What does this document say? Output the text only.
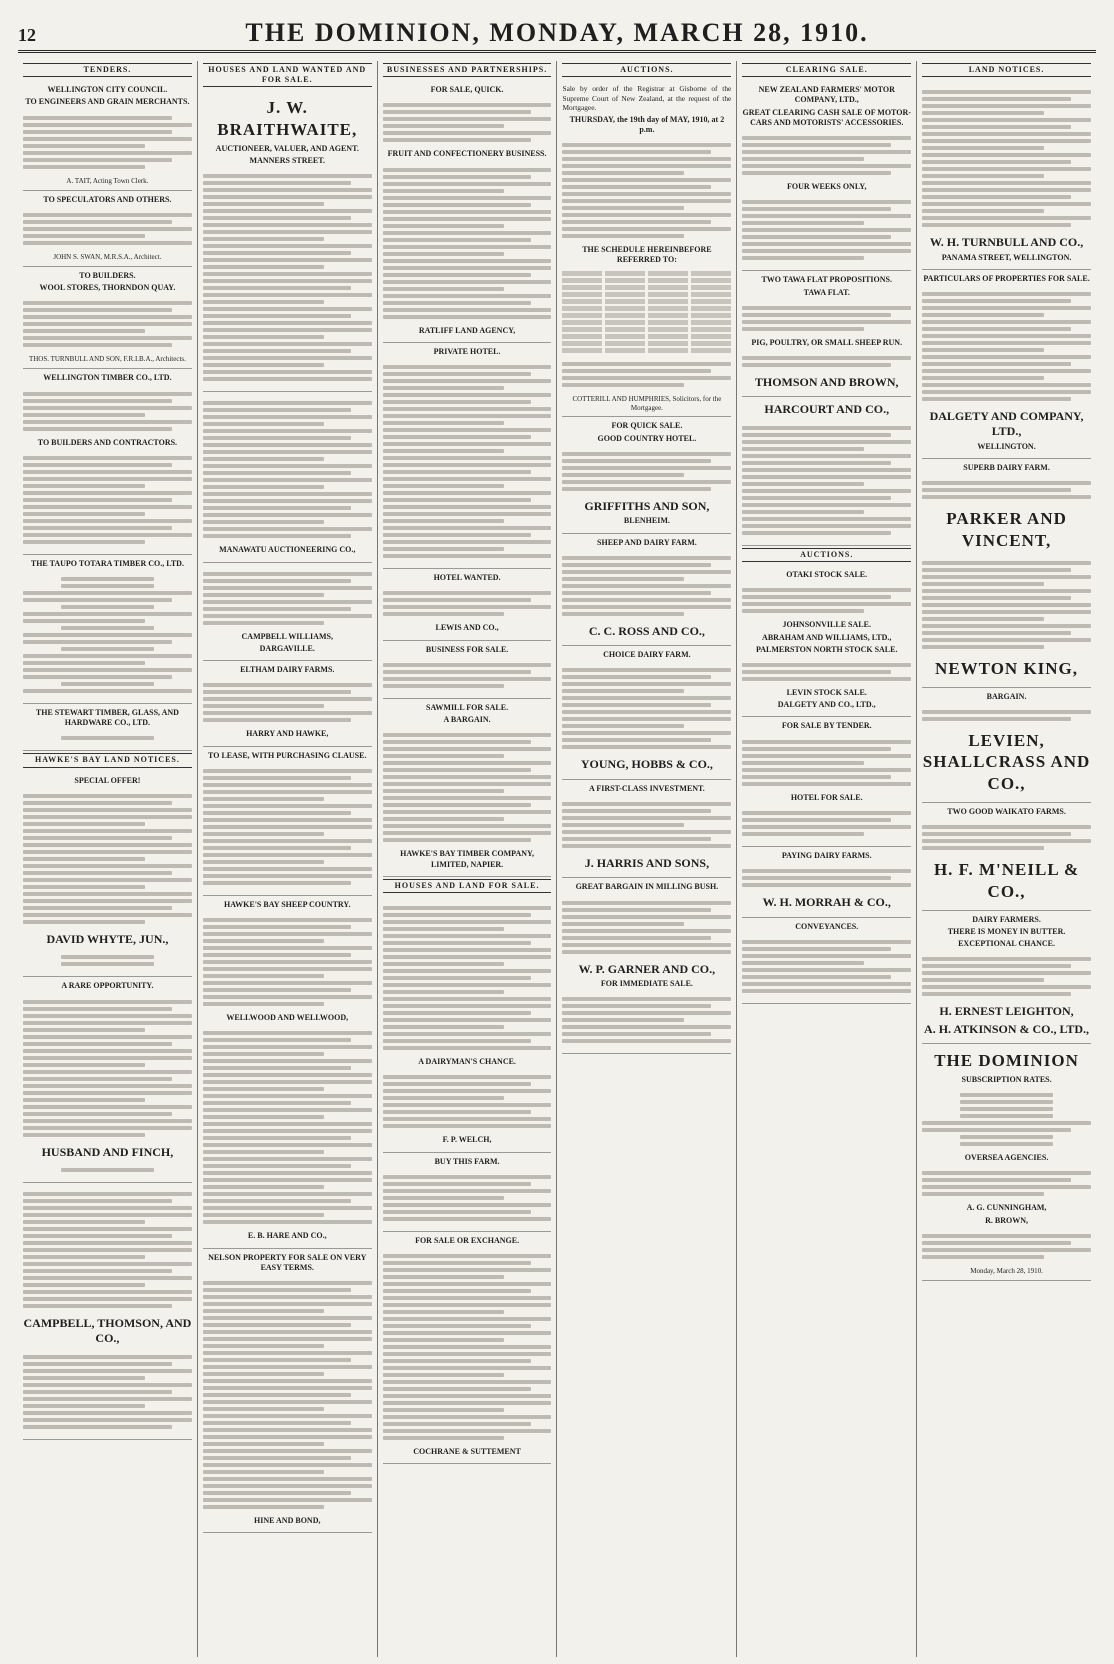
12	THE DOMINION, MONDAY, MARCH 28, 1910.
TENDERS.
WELLINGTON CITY COUNCIL.
TO ENGINEERS AND GRAIN MERCHANTS.
A. TAIT, Acting Town Clerk.
TO SPECULATORS AND OTHERS.
JOHN S. SWAN, M.R.S.A., Architect.
TO BUILDERS.
WOOL STORES, THORNDON QUAY.
THOS. TURNBULL AND SON, F.R.I.B.A., Architects.
WELLINGTON TIMBER CO., LTD.
TO BUILDERS AND CONTRACTORS.
THE TAUPO TOTARA TIMBER CO., LTD.
THE STEWART TIMBER, GLASS, AND HARDWARE CO., LTD.
HAWKE'S BAY LAND NOTICES.
SPECIAL OFFER!
DAVID WHYTE, JUN.,
A RARE OPPORTUNITY.
HUSBAND AND FINCH,
CAMPBELL, THOMSON, AND CO.,
HOUSES AND LAND WANTED AND FOR SALE.
J. W. BRAITHWAITE,
AUCTIONEER, VALUER, AND AGENT.
MANNERS STREET.
MANAWATU AUCTIONEERING CO.,
CAMPBELL WILLIAMS,
DARGAVILLE.
ELTHAM DAIRY FARMS.
HARRY AND HAWKE,
TO LEASE, WITH PURCHASING CLAUSE.
HAWKE'S BAY SHEEP COUNTRY.
WELLWOOD AND WELLWOOD,
E. B. HARE AND CO.,
NELSON PROPERTY FOR SALE ON VERY EASY TERMS.
HINE AND BOND,
BUSINESSES AND PARTNERSHIPS.
FOR SALE, QUICK.
FRUIT AND CONFECTIONERY BUSINESS.
RATLIFF LAND AGENCY,
PRIVATE HOTEL.
HOTEL WANTED.
LEWIS AND CO.,
BUSINESS FOR SALE.
SAWMILL FOR SALE.
A BARGAIN.
HAWKE'S BAY TIMBER COMPANY, LIMITED, NAPIER.
HOUSES AND LAND FOR SALE.
A DAIRYMAN'S CHANCE.
F. P. WELCH,
BUY THIS FARM.
FOR SALE OR EXCHANGE.
COCHRANE & SUTTEMENT
AUCTIONS.

Sale by order of the Registrar at Gisborne of the Supreme Court of New Zealand, at the request of the Mortgagee.

THURSDAY, the 19th day of MAY, 1910, at 2 p.m.
THE SCHEDULE HEREINBEFORE REFERRED TO:
COTTERILL AND HUMPHRIES, Solicitors, for the Mortgagee.
FOR QUICK SALE.
GOOD COUNTRY HOTEL.
GRIFFITHS AND SON,
BLENHEIM.
SHEEP AND DAIRY FARM.
C. C. ROSS AND CO.,
CHOICE DAIRY FARM.
YOUNG, HOBBS & CO.,
A FIRST-CLASS INVESTMENT.
J. HARRIS AND SONS,
GREAT BARGAIN IN MILLING BUSH.
W. P. GARNER AND CO.,
FOR IMMEDIATE SALE.
CLEARING SALE.
NEW ZEALAND FARMERS' MOTOR COMPANY, LTD.,
GREAT CLEARING CASH SALE OF MOTOR-CARS AND MOTORISTS' ACCESSORIES.
FOUR WEEKS ONLY,
TWO TAWA FLAT PROPOSITIONS.
TAWA FLAT.
PIG, POULTRY, OR SMALL SHEEP RUN.
THOMSON AND BROWN,
HARCOURT AND CO.,
AUCTIONS.
OTAKI STOCK SALE.
JOHNSONVILLE SALE.
ABRAHAM AND WILLIAMS, LTD.,
PALMERSTON NORTH STOCK SALE.
LEVIN STOCK SALE.
DALGETY AND CO., LTD.,
FOR SALE BY TENDER.
HOTEL FOR SALE.
PAYING DAIRY FARMS.
W. H. MORRAH & CO.,
CONVEYANCES.
LAND NOTICES.
W. H. TURNBULL AND CO.,
PANAMA STREET, WELLINGTON.
PARTICULARS OF PROPERTIES FOR SALE.
DALGETY AND COMPANY, LTD.,
WELLINGTON.
SUPERB DAIRY FARM.
PARKER AND VINCENT,
NEWTON KING,
BARGAIN.
LEVIEN, SHALLCRASS AND CO.,
TWO GOOD WAIKATO FARMS.
H. F. M'NEILL & CO.,
DAIRY FARMERS.
THERE IS MONEY IN BUTTER.
EXCEPTIONAL CHANCE.
H. ERNEST LEIGHTON,
A. H. ATKINSON & CO., LTD.,
THE DOMINION
SUBSCRIPTION RATES.
OVERSEA AGENCIES.
A. G. CUNNINGHAM,
R. BROWN,
Monday, March 28, 1910.
